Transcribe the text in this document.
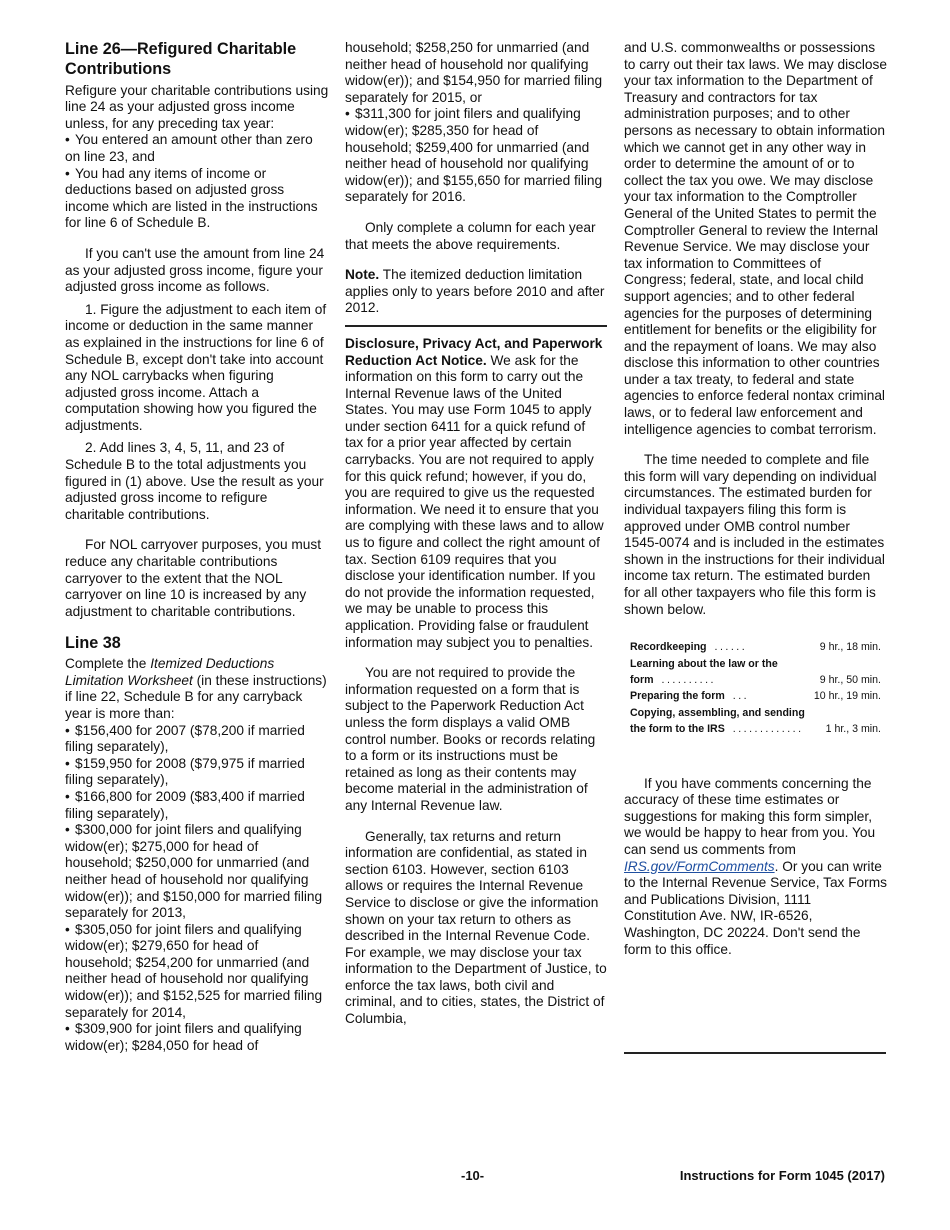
Line 26—Refigured Charitable Contributions

Refigure your charitable contributions using line 24 as your adjusted gross income unless, for any preceding tax year:

• You entered an amount other than zero on line 23, and

• You had any items of income or deductions based on adjusted gross income which are listed in the instructions for line 6 of Schedule B.

If you can't use the amount from line 24 as your adjusted gross income, figure your adjusted gross income as follows.

1. Figure the adjustment to each item of income or deduction in the same manner as explained in the instructions for line 6 of Schedule B, except don't take into account any NOL carrybacks when figuring adjusted gross income. Attach a computation showing how you figured the adjustments.

2. Add lines 3, 4, 5, 11, and 23 of Schedule B to the total adjustments you figured in (1) above. Use the result as your adjusted gross income to refigure charitable contributions.

For NOL carryover purposes, you must reduce any charitable contributions carryover to the extent that the NOL carryover on line 10 is increased by any adjustment to charitable contributions.

Line 38

Complete the Itemized Deductions Limitation Worksheet (in these instructions) if line 22, Schedule B for any carryback year is more than:

• $156,400 for 2007 ($78,200 if married filing separately),

• $159,950 for 2008 ($79,975 if married filing separately),

• $166,800 for 2009 ($83,400 if married filing separately),

• $300,000 for joint filers and qualifying widow(er); $275,000 for head of household; $250,000 for unmarried (and neither head of household nor qualifying widow(er)); and $150,000 for married filing separately for 2013,

• $305,050 for joint filers and qualifying widow(er); $279,650 for head of household; $254,200 for unmarried (and neither head of household nor qualifying widow(er)); and $152,525 for married filing separately for 2014,

• $309,900 for joint filers and qualifying widow(er); $284,050 for head of

household; $258,250 for unmarried (and neither head of household nor qualifying widow(er)); and $154,950 for married filing separately for 2015, or

• $311,300 for joint filers and qualifying widow(er); $285,350 for head of household; $259,400 for unmarried (and neither head of household nor qualifying widow(er)); and $155,650 for married filing separately for 2016.

Only complete a column for each year that meets the above requirements.

Note. The itemized deduction limitation applies only to years before 2010 and after 2012.

Disclosure, Privacy Act, and Paperwork Reduction Act Notice. We ask for the information on this form to carry out the Internal Revenue laws of the United States. You may use Form 1045 to apply under section 6411 for a quick refund of tax for a prior year affected by certain carrybacks. You are not required to apply for this quick refund; however, if you do, you are required to give us the requested information. We need it to ensure that you are complying with these laws and to allow us to figure and collect the right amount of tax. Section 6109 requires that you disclose your identification number. If you do not provide the information requested, we may be unable to process this application. Providing false or fraudulent information may subject you to penalties.

You are not required to provide the information requested on a form that is subject to the Paperwork Reduction Act unless the form displays a valid OMB control number. Books or records relating to a form or its instructions must be retained as long as their contents may become material in the administration of any Internal Revenue law.

Generally, tax returns and return information are confidential, as stated in section 6103. However, section 6103 allows or requires the Internal Revenue Service to disclose or give the information shown on your tax return to others as described in the Internal Revenue Code. For example, we may disclose your tax information to the Department of Justice, to enforce the tax laws, both civil and criminal, and to cities, states, the District of Columbia,

and U.S. commonwealths or possessions to carry out their tax laws. We may disclose your tax information to the Department of Treasury and contractors for tax administration purposes; and to other persons as necessary to obtain information which we cannot get in any other way in order to determine the amount of or to collect the tax you owe. We may disclose your tax information to the Comptroller General of the United States to permit the Comptroller General to review the Internal Revenue Service. We may disclose your tax information to Committees of Congress; federal, state, and local child support agencies; and to other federal agencies for the purposes of determining entitlement for benefits or the eligibility for and the repayment of loans. We may also disclose this information to other countries under a tax treaty, to federal and state agencies to enforce federal nontax criminal laws, or to federal law enforcement and intelligence agencies to combat terrorism.

The time needed to complete and file this form will vary depending on individual circumstances. The estimated burden for individual taxpayers filing this form is approved under OMB control number 1545-0074 and is included in the estimates shown in the instructions for their individual income tax return. The estimated burden for all other taxpayers who file this form is shown below.

Recordkeeping ......	9 hr., 18 min.
Learning about the law or the form ..........	9 hr., 50 min.
Preparing the form ...	10 hr., 19 min.
Copying, assembling, and sending the form to the IRS .............	1 hr., 3 min.

If you have comments concerning the accuracy of these time estimates or suggestions for making this form simpler, we would be happy to hear from you. You can send us comments from IRS.gov/FormComments. Or you can write to the Internal Revenue Service, Tax Forms and Publications Division, 1111 Constitution Ave. NW, IR-6526, Washington, DC 20224. Don't send the form to this office.

-10-	Instructions for Form 1045 (2017)
